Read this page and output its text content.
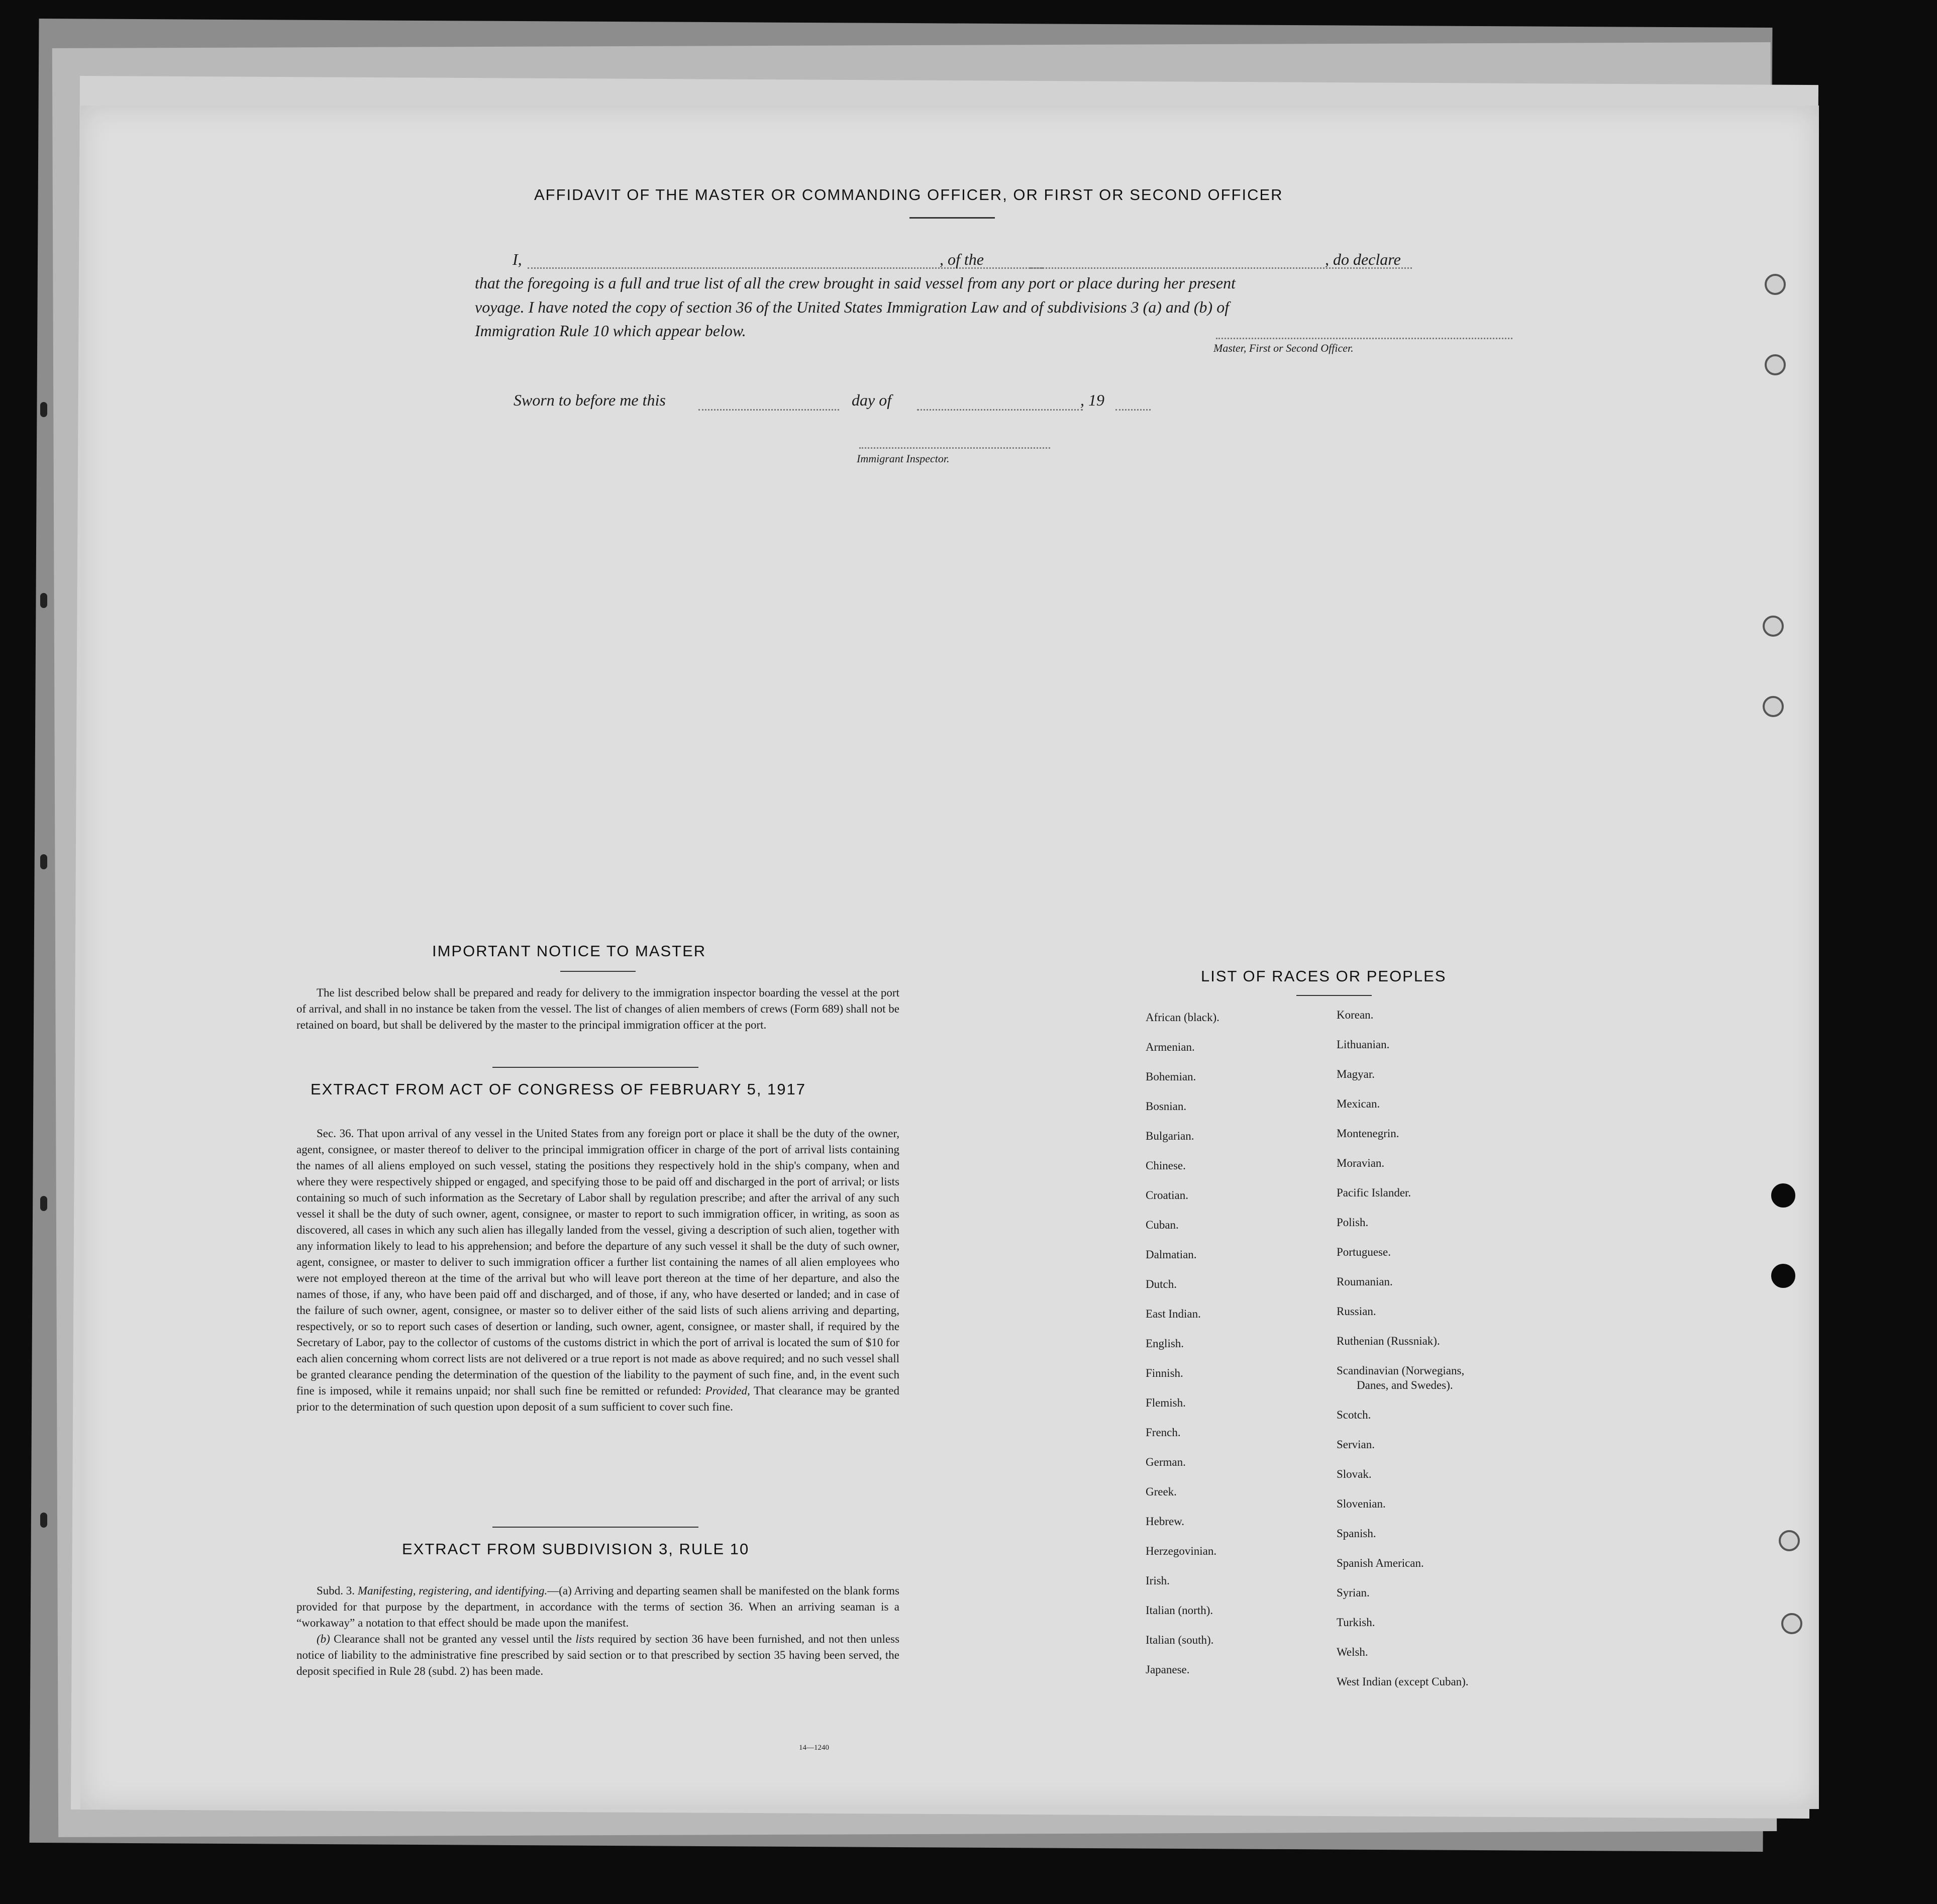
AFFIDAVIT OF THE MASTER OR COMMANDING OFFICER, OR FIRST OR SECOND OFFICER
I,	, of the	, do declare
that the foregoing is a full and true list of all the crew brought in said vessel from any port or place during her present
voyage. I have noted the copy of section 36 of the United States Immigration Law and of subdivisions 3 (a) and (b) of
Immigration Rule 10 which appear below.
Master, First or Second Officer.
Sworn to before me this	day of	, 19
Immigrant Inspector.
IMPORTANT NOTICE TO MASTER

The list described below shall be prepared and ready for delivery to the immigration inspector boarding the vessel at the port of arrival, and shall in no instance be taken from the vessel. The list of changes of alien members of crews (Form 689) shall not be retained on board, but shall be delivered by the master to the principal immigration officer at the port.

EXTRACT FROM ACT OF CONGRESS OF FEBRUARY 5, 1917

Sec. 36. That upon arrival of any vessel in the United States from any foreign port or place it shall be the duty of the owner, agent, consignee, or master thereof to deliver to the principal immigration officer in charge of the port of arrival lists containing the names of all aliens employed on such vessel, stating the positions they respectively hold in the ship's company, when and where they were respectively shipped or engaged, and specifying those to be paid off and discharged in the port of arrival; or lists containing so much of such information as the Secretary of Labor shall by regulation prescribe; and after the arrival of any such vessel it shall be the duty of such owner, agent, consignee, or master to report to such immigration officer, in writing, as soon as discovered, all cases in which any such alien has illegally landed from the vessel, giving a description of such alien, together with any information likely to lead to his apprehension; and before the departure of any such vessel it shall be the duty of such owner, agent, consignee, or master to deliver to such immigration officer a further list containing the names of all alien employees who were not employed thereon at the time of the arrival but who will leave port thereon at the time of her departure, and also the names of those, if any, who have been paid off and discharged, and of those, if any, who have deserted or landed; and in case of the failure of such owner, agent, consignee, or master so to deliver either of the said lists of such aliens arriving and departing, respectively, or so to report such cases of desertion or landing, such owner, agent, consignee, or master shall, if required by the Secretary of Labor, pay to the collector of customs of the customs district in which the port of arrival is located the sum of $10 for each alien concerning whom correct lists are not delivered or a true report is not made as above required; and no such vessel shall be granted clearance pending the determination of the question of the liability to the payment of such fine, and, in the event such fine is imposed, while it remains unpaid; nor shall such fine be remitted or refunded: Provided, That clearance may be granted prior to the determination of such question upon deposit of a sum sufficient to cover such fine.

EXTRACT FROM SUBDIVISION 3, RULE 10

Subd. 3. Manifesting, registering, and identifying.—(a) Arriving and departing seamen shall be manifested on the blank forms provided for that purpose by the department, in accordance with the terms of section 36. When an arriving seaman is a “workaway” a notation to that effect should be made upon the manifest.

(b) Clearance shall not be granted any vessel until the lists required by section 36 have been furnished, and not then unless notice of liability to the administrative fine prescribed by said section or to that prescribed by section 35 having been served, the deposit specified in Rule 28 (subd. 2) has been made.

14—1240
LIST OF RACES OR PEOPLES
African (black).
Armenian.
Bohemian.
Bosnian.
Bulgarian.
Chinese.
Croatian.
Cuban.
Dalmatian.
Dutch.
East Indian.
English.
Finnish.
Flemish.
French.
German.
Greek.
Hebrew.
Herzegovinian.
Irish.
Italian (north).
Italian (south).
Japanese.
Korean.
Lithuanian.
Magyar.
Mexican.
Montenegrin.
Moravian.
Pacific Islander.
Polish.
Portuguese.
Roumanian.
Russian.
Ruthenian (Russniak).
Scandinavian (Norwegians,
Danes, and Swedes).
Scotch.
Servian.
Slovak.
Slovenian.
Spanish.
Spanish American.
Syrian.
Turkish.
Welsh.
West Indian (except Cuban).
